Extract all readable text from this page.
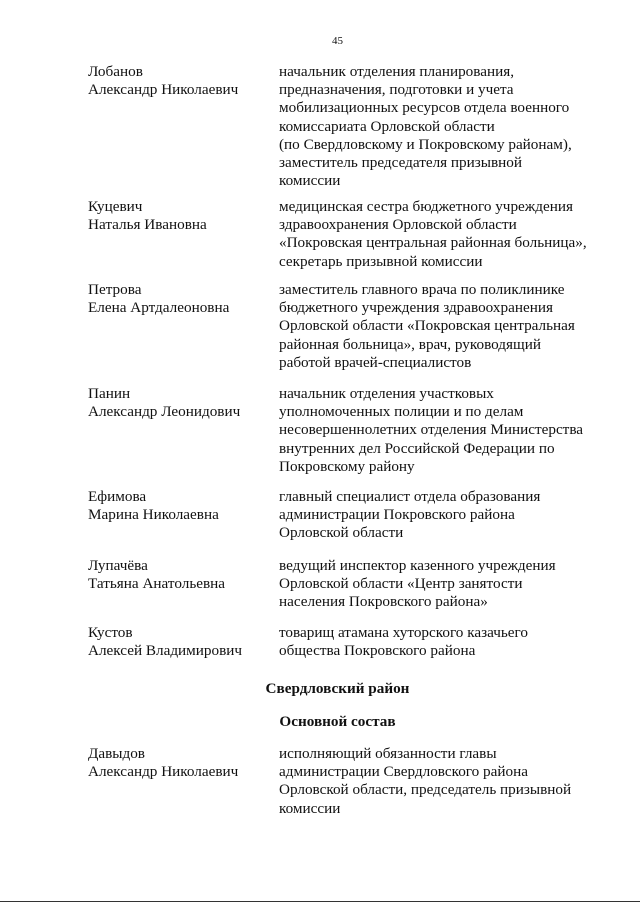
45
Лобанов
Александр Николаевич
начальник отделения планирования,
предназначения, подготовки и учета
мобилизационных ресурсов отдела военного
комиссариата Орловской области
(по Свердловскому и Покровскому районам),
заместитель председателя призывной
комиссии
Куцевич
Наталья Ивановна
медицинская сестра бюджетного учреждения
здравоохранения Орловской области
«Покровская центральная районная больница»,
секретарь призывной комиссии
Петрова
Елена Артдалеоновна
заместитель главного врача по поликлинике
бюджетного учреждения здравоохранения
Орловской области «Покровская центральная
районная больница», врач, руководящий
работой врачей-специалистов
Панин
Александр Леонидович
начальник отделения участковых
уполномоченных полиции и по делам
несовершеннолетних отделения Министерства
внутренних дел Российской Федерации по
Покровскому району
Ефимова
Марина Николаевна
главный специалист отдела образования
администрации Покровского района
Орловской области
Лупачёва
Татьяна Анатольевна
ведущий инспектор казенного учреждения
Орловской области «Центр занятости
населения Покровского района»
Кустов
Алексей Владимирович
товарищ атамана хуторского казачьего
общества Покровского района
Свердловский район
Основной состав
Давыдов
Александр Николаевич
исполняющий обязанности главы
администрации Свердловского района
Орловской области, председатель призывной
комиссии
